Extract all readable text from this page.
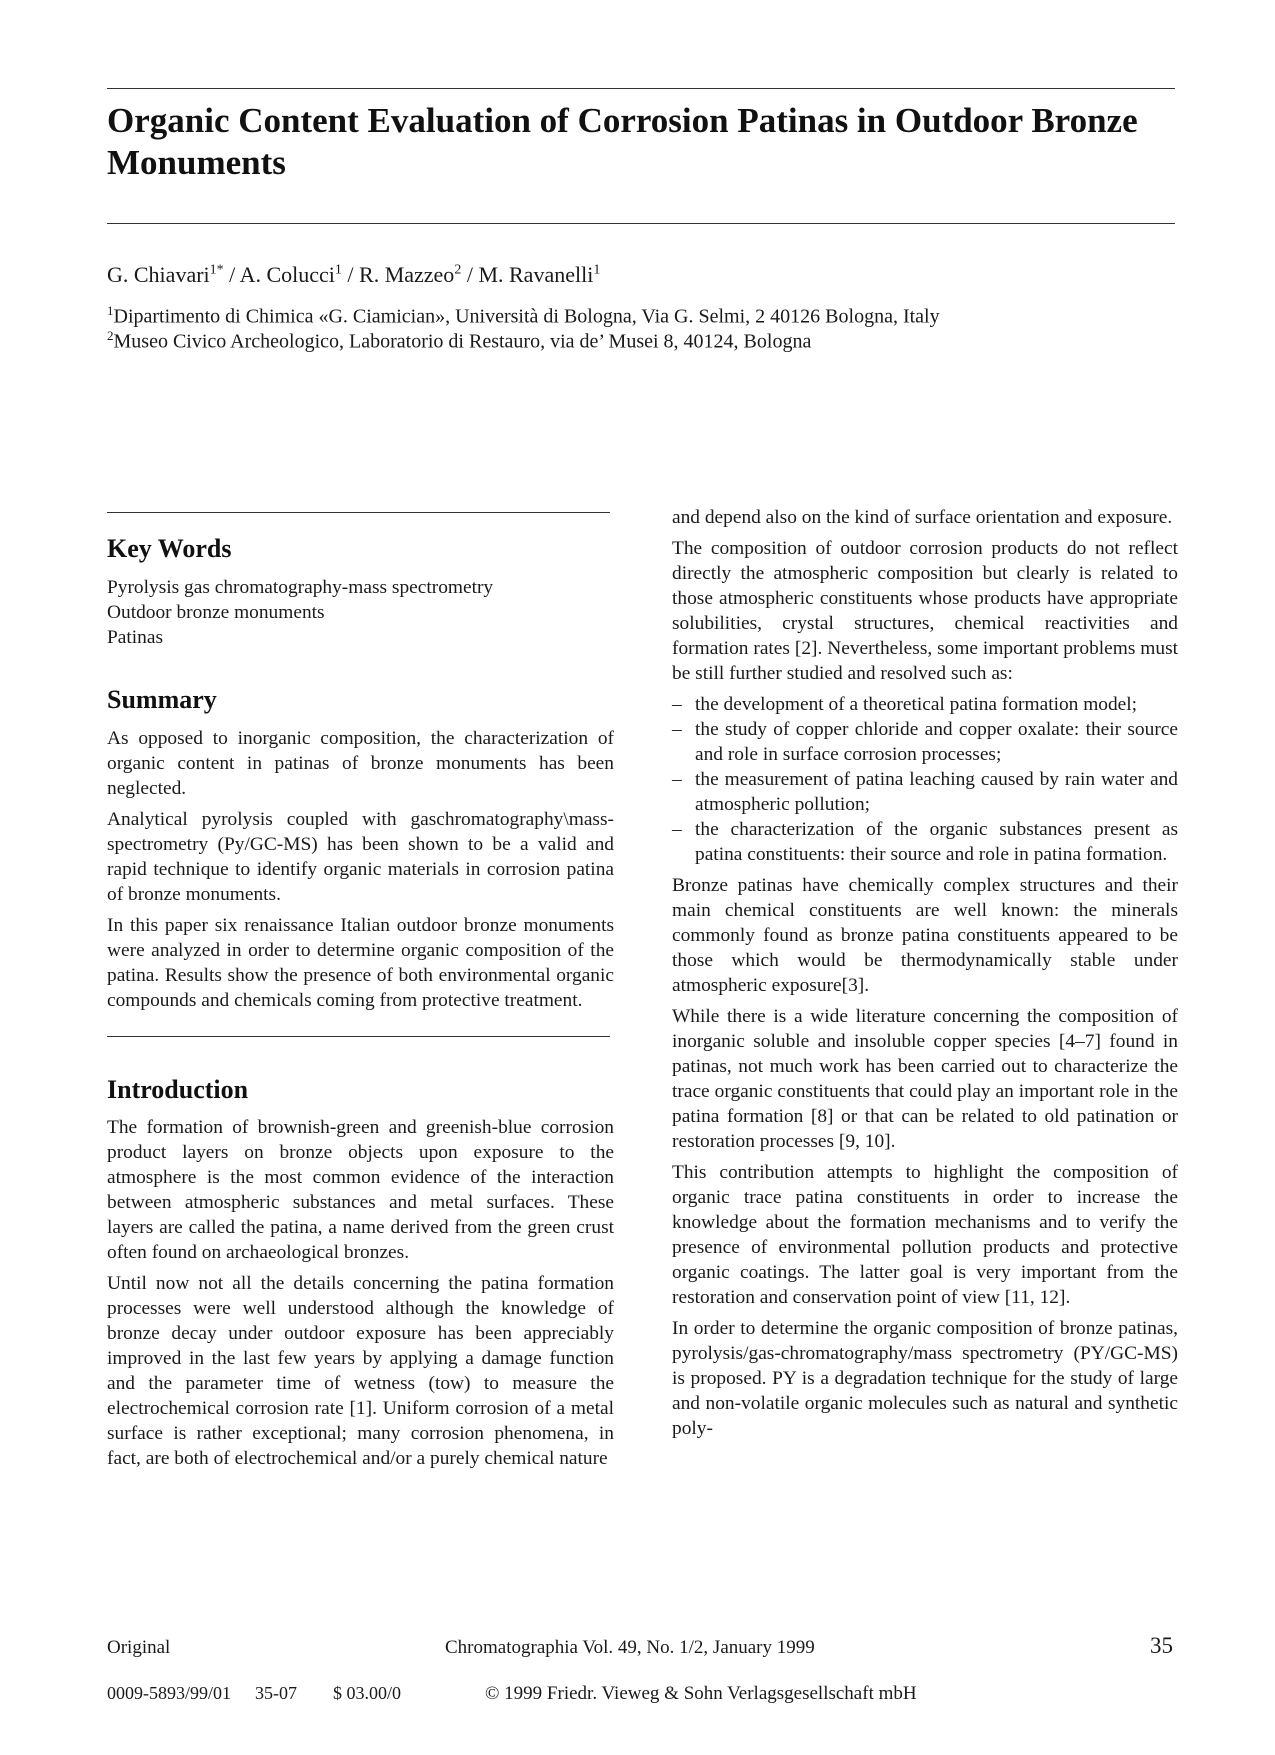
Organic Content Evaluation of Corrosion Patinas in Outdoor Bronze Monuments
G. Chiavari$^{1*}$ / A. Colucci$^1$ / R. Mazzeo$^2$ / M. Ravanelli$^1$
$^1$Dipartimento di Chimica «G. Ciamician», Università di Bologna, Via G. Selmi, 2 40126 Bologna, Italy
$^2$Museo Civico Archeologico, Laboratorio di Restauro, via de’ Musei 8, 40124, Bologna
Key Words
Pyrolysis gas chromatography-mass spectrometry
Outdoor bronze monuments
Patinas
Summary

As opposed to inorganic composition, the characterization of organic content in patinas of bronze monuments has been neglected.

Analytical pyrolysis coupled with gaschromatography\mass-spectrometry (Py/GC-MS) has been shown to be a valid and rapid technique to identify organic materials in corrosion patina of bronze monuments.

In this paper six renaissance Italian outdoor bronze monuments were analyzed in order to determine organic composition of the patina. Results show the presence of both environmental organic compounds and chemicals coming from protective treatment.

Introduction

The formation of brownish-green and greenish-blue corrosion product layers on bronze objects upon exposure to the atmosphere is the most common evidence of the interaction between atmospheric substances and metal surfaces. These layers are called the patina, a name derived from the green crust often found on archaeological bronzes.

Until now not all the details concerning the patina formation processes were well understood although the knowledge of bronze decay under outdoor exposure has been appreciably improved in the last few years by applying a damage function and the parameter time of wetness (tow) to measure the electrochemical corrosion rate [1]. Uniform corrosion of a metal surface is rather exceptional; many corrosion phenomena, in fact, are both of electrochemical and/or a purely chemical nature

and depend also on the kind of surface orientation and exposure.

The composition of outdoor corrosion products do not reflect directly the atmospheric composition but clearly is related to those atmospheric constituents whose products have appropriate solubilities, crystal structures, chemical reactivities and formation rates [2]. Nevertheless, some important problems must be still further studied and resolved such as:

– the development of a theoretical patina formation model;
– the study of copper chloride and copper oxalate: their source and role in surface corrosion processes;
– the measurement of patina leaching caused by rain water and atmospheric pollution;
– the characterization of the organic substances present as patina constituents: their source and role in patina formation.

Bronze patinas have chemically complex structures and their main chemical constituents are well known: the minerals commonly found as bronze patina constituents appeared to be those which would be thermodynamically stable under atmospheric exposure[3].

While there is a wide literature concerning the composition of inorganic soluble and insoluble copper species [4–7] found in patinas, not much work has been carried out to characterize the trace organic constituents that could play an important role in the patina formation [8] or that can be related to old patination or restoration processes [9, 10].

This contribution attempts to highlight the composition of organic trace patina constituents in order to increase the knowledge about the formation mechanisms and to verify the presence of environmental pollution products and protective organic coatings. The latter goal is very important from the restoration and conservation point of view [11, 12].

In order to determine the organic composition of bronze patinas, pyrolysis/gas-chromatography/mass spectrometry (PY/GC-MS) is proposed. PY is a degradation technique for the study of large and non-volatile organic molecules such as natural and synthetic poly-

Original	Chromatographia Vol. 49, No. 1/2, January 1999	35
0009-5893/99/01 35-07 $ 03.00/0	© 1999 Friedr. Vieweg & Sohn Verlagsgesellschaft mbH
